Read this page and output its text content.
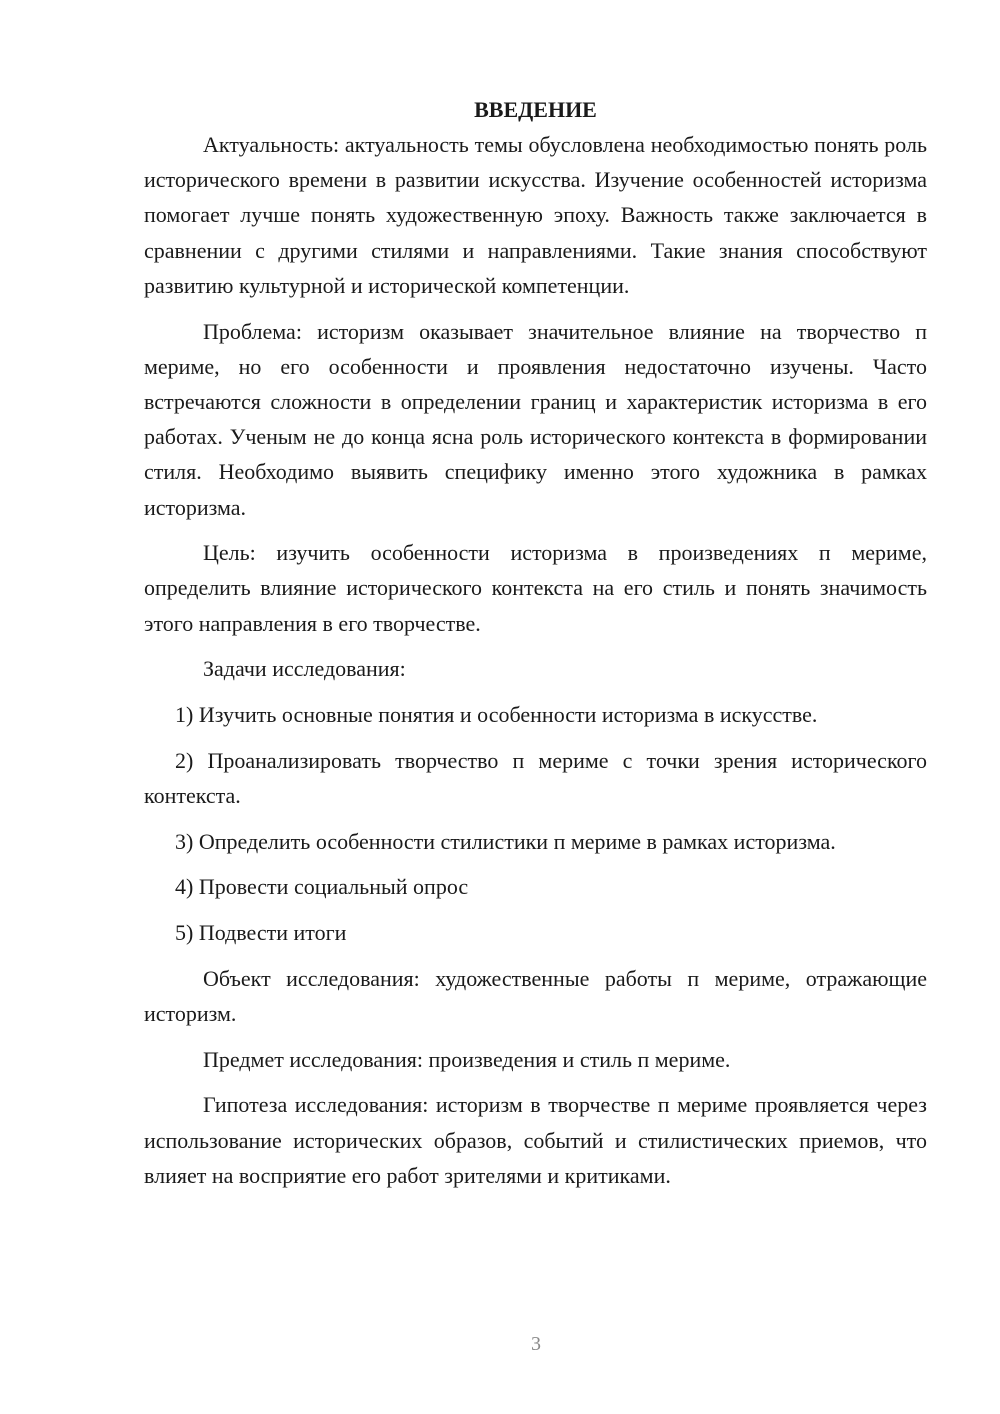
ВВЕДЕНИЕ

Актуальность: актуальность темы обусловлена необходимостью понять роль исторического времени в развитии искусства. Изучение особенностей историзма помогает лучше понять художественную эпоху. Важность также заключается в сравнении с другими стилями и направлениями. Такие знания способствуют развитию культурной и исторической компетенции.

Проблема: историзм оказывает значительное влияние на творчество п мериме, но его особенности и проявления недостаточно изучены. Часто встречаются сложности в определении границ и характеристик историзма в его работах. Ученым не до конца ясна роль исторического контекста в формировании стиля. Необходимо выявить специфику именно этого художника в рамках историзма.

Цель: изучить особенности историзма в произведениях п мериме, определить влияние исторического контекста на его стиль и понять значимость этого направления в его творчестве.

Задачи исследования:

1) Изучить основные понятия и особенности историзма в искусстве.

2) Проанализировать творчество п мериме с точки зрения исторического контекста.

3) Определить особенности стилистики п мериме в рамках историзма.

4) Провести социальный опрос

5) Подвести итоги

Объект исследования: художественные работы п мериме, отражающие историзм.

Предмет исследования: произведения и стиль п мериме.

Гипотеза исследования: историзм в творчестве п мериме проявляется через использование исторических образов, событий и стилистических приемов, что влияет на восприятие его работ зрителями и критиками.

3
